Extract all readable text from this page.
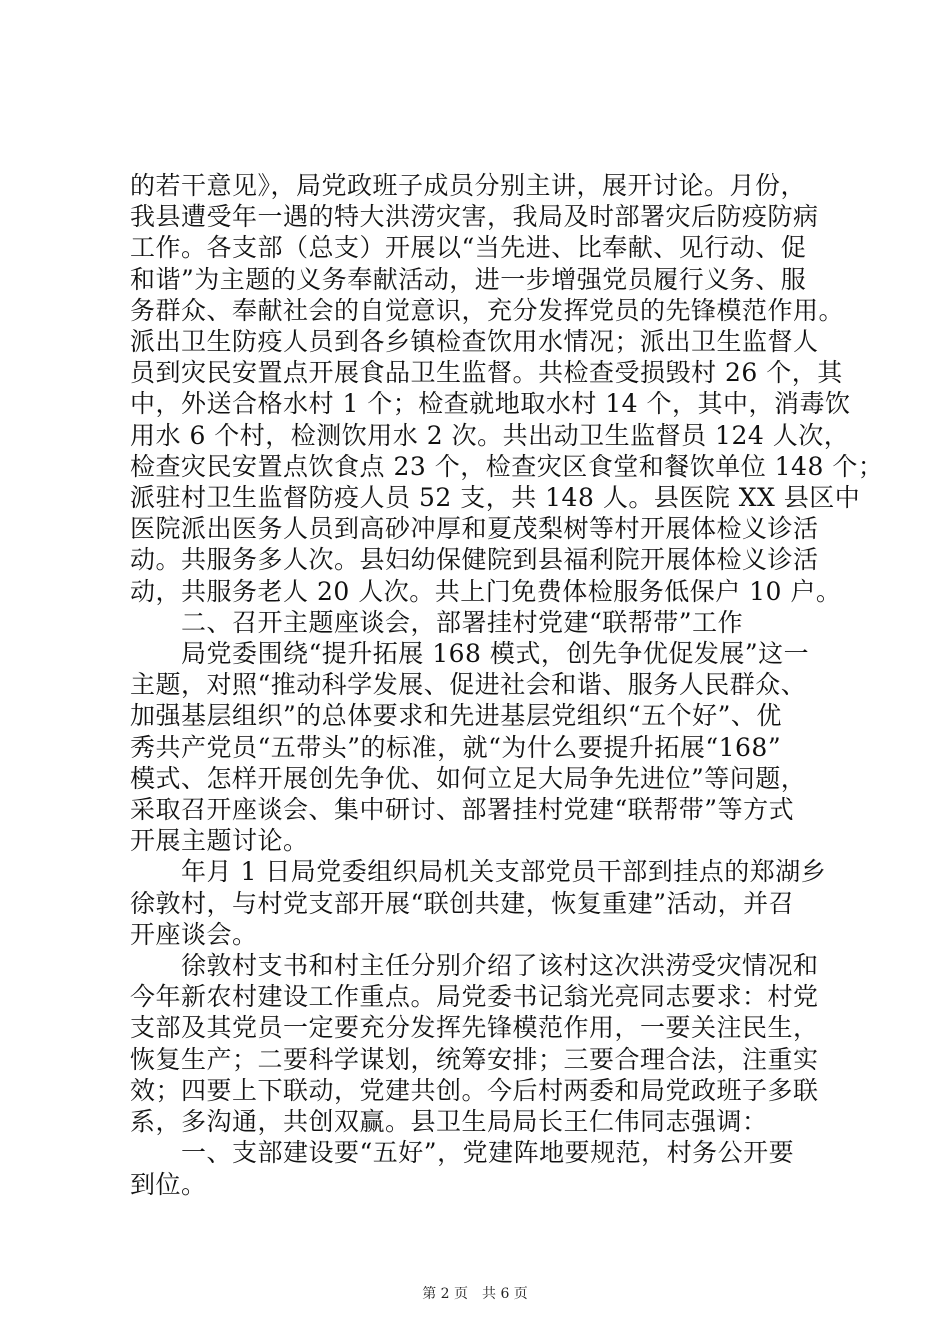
的若干意见》，局党政班子成员分别主讲，展开讨论。月份，
我县遭受年一遇的特大洪涝灾害，我局及时部署灾后防疫防病
工作。各支部（总支）开展以“当先进、比奉献、见行动、促
和谐”为主题的义务奉献活动，进一步增强党员履行义务、服
务群众、奉献社会的自觉意识，充分发挥党员的先锋模范作用。
派出卫生防疫人员到各乡镇检查饮用水情况；派出卫生监督人
员到灾民安置点开展食品卫生监督。共检查受损毁村 26 个，其
中，外送合格水村 1 个；检查就地取水村 14 个，其中，消毒饮
用水 6 个村，检测饮用水 2 次。共出动卫生监督员 124 人次，
检查灾民安置点饮食点 23 个，检查灾区食堂和餐饮单位 148 个；
派驻村卫生监督防疫人员 52 支，共 148 人。县医院 XX 县区中
医院派出医务人员到高砂冲厚和夏茂梨树等村开展体检义诊活
动。共服务多人次。县妇幼保健院到县福利院开展体检义诊活
动，共服务老人 20 人次。共上门免费体检服务低保户 10 户。
　　二、召开主题座谈会，部署挂村党建“联帮带”工作
　　局党委围绕“提升拓展 168 模式，创先争优促发展”这一
主题，对照“推动科学发展、促进社会和谐、服务人民群众、
加强基层组织”的总体要求和先进基层党组织“五个好”、优
秀共产党员“五带头”的标准，就“为什么要提升拓展“168”
模式、怎样开展创先争优、如何立足大局争先进位”等问题，
采取召开座谈会、集中研讨、部署挂村党建“联帮带”等方式
开展主题讨论。
　　年月 1 日局党委组织局机关支部党员干部到挂点的郑湖乡
徐敦村，与村党支部开展“联创共建，恢复重建”活动，并召
开座谈会。
　　徐敦村支书和村主任分别介绍了该村这次洪涝受灾情况和
今年新农村建设工作重点。局党委书记翁光亮同志要求：村党
支部及其党员一定要充分发挥先锋模范作用，一要关注民生，
恢复生产；二要科学谋划，统筹安排；三要合理合法，注重实
效；四要上下联动，党建共创。今后村两委和局党政班子多联
系，多沟通，共创双赢。县卫生局局长王仁伟同志强调：
　　一、支部建设要“五好”，党建阵地要规范，村务公开要
到位。
第 2 页　共 6 页
